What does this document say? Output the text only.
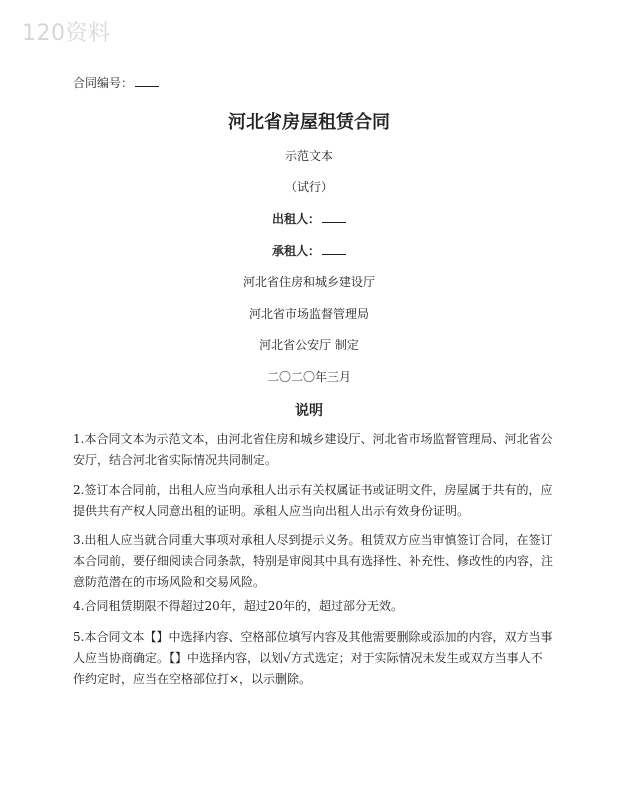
120资料
合同编号：
河北省房屋租赁合同
示范文本
（试行）
出租人：
承租人：
河北省住房和城乡建设厅
河北省市场监督管理局
河北省公安厅 制定
二〇二〇年三月
说明
1.本合同文本为示范文本，由河北省住房和城乡建设厅、河北省市场监督管理局、河北省公安厅，结合河北省实际情况共同制定。
2.签订本合同前，出租人应当向承租人出示有关权属证书或证明文件，房屋属于共有的，应提供共有产权人同意出租的证明。承租人应当向出租人出示有效身份证明。
3.出租人应当就合同重大事项对承租人尽到提示义务。租赁双方应当审慎签订合同，在签订本合同前，要仔细阅读合同条款，特别是审阅其中具有选择性、补充性、修改性的内容，注意防范潜在的市场风险和交易风险。
4.合同租赁期限不得超过20年，超过20年的，超过部分无效。
5.本合同文本【】中选择内容、空格部位填写内容及其他需要删除或添加的内容，双方当事人应当协商确定。【】中选择内容，以划√方式选定；对于实际情况未发生或双方当事人不作约定时，应当在空格部位打×，以示删除。
